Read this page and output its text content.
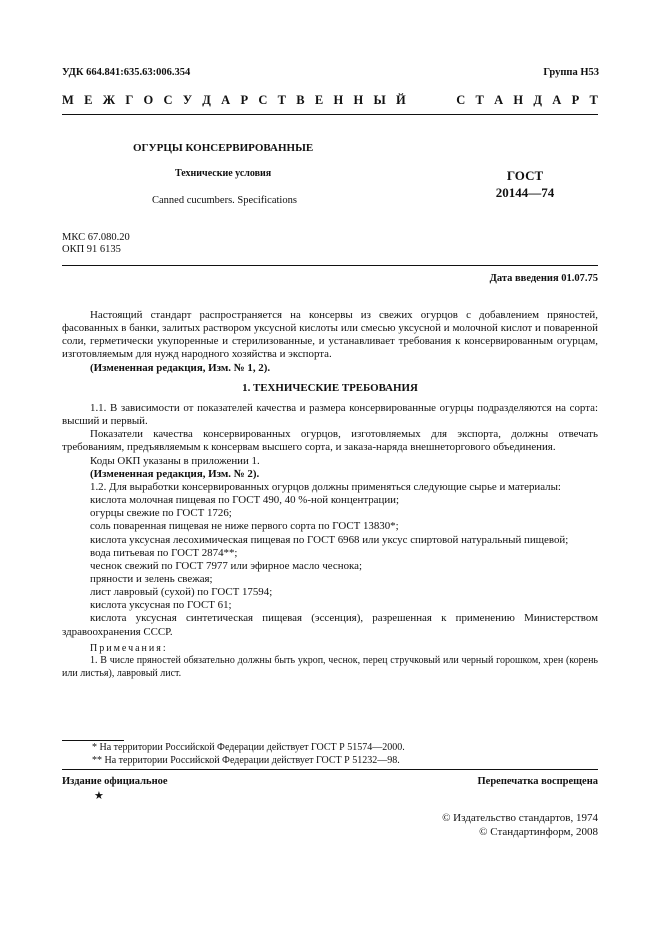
УДК 664.841:635.63:006.354	Группа Н53
М Е Ж Г О С У Д А Р С Т В Е Н Н Ы Й

	С Т А Н Д А Р Т
ОГУРЦЫ КОНСЕРВИРОВАННЫЕ
Технические условия
Canned cucumbers. Specifications
ГОСТ
20144—74
МКС 67.080.20
ОКП 91 6135
Дата введения 01.07.75

Настоящий стандарт распространяется на консервы из свежих огурцов с добавлением пряностей, фасованных в банки, залитых раствором уксусной кислоты или смесью уксусной и молочной кислот и поваренной соли, герметически укупоренные и стерилизованные, и устанавливает требования к консервированным огурцам, изготовляемым для нужд народного хозяйства и экспорта.

(Измененная редакция, Изм. № 1, 2).

1. ТЕХНИЧЕСКИЕ ТРЕБОВАНИЯ

1.1. В зависимости от показателей качества и размера консервированные огурцы подразделяются на сорта: высший и первый.

Показатели качества консервированных огурцов, изготовляемых для экспорта, должны отвечать требованиям, предъявляемым к консервам высшего сорта, и заказа-наряда внешнеторгового объединения.

Коды ОКП указаны в приложении 1.

(Измененная редакция, Изм. № 2).

1.2. Для выработки консервированных огурцов должны применяться следующие сырье и материалы:

кислота молочная пищевая по ГОСТ 490, 40 %-ной концентрации;

огурцы свежие по ГОСТ 1726;

соль поваренная пищевая не ниже первого сорта по ГОСТ 13830*;

кислота уксусная лесохимическая пищевая по ГОСТ 6968 или уксус спиртовой натуральный пищевой;

вода питьевая по ГОСТ 2874**;

чеснок свежий по ГОСТ 7977 или эфирное масло чеснока;

пряности и зелень свежая;

лист лавровый (сухой) по ГОСТ 17594;

кислота уксусная по ГОСТ 61;

кислота уксусная синтетическая пищевая (эссенция), разрешенная к применению Министерством здравоохранения СССР.

Примечания:

1. В числе пряностей обязательно должны быть укроп, чеснок, перец стручковый или черный горошком, хрен (корень или листья), лавровый лист.

* На территории Российской Федерации действует ГОСТ Р 51574—2000.

** На территории Российской Федерации действует ГОСТ Р 51232—98.

Издание официальное	Перепечатка воспрещена
★
© Издательство стандартов, 1974
© Стандартинформ, 2008
